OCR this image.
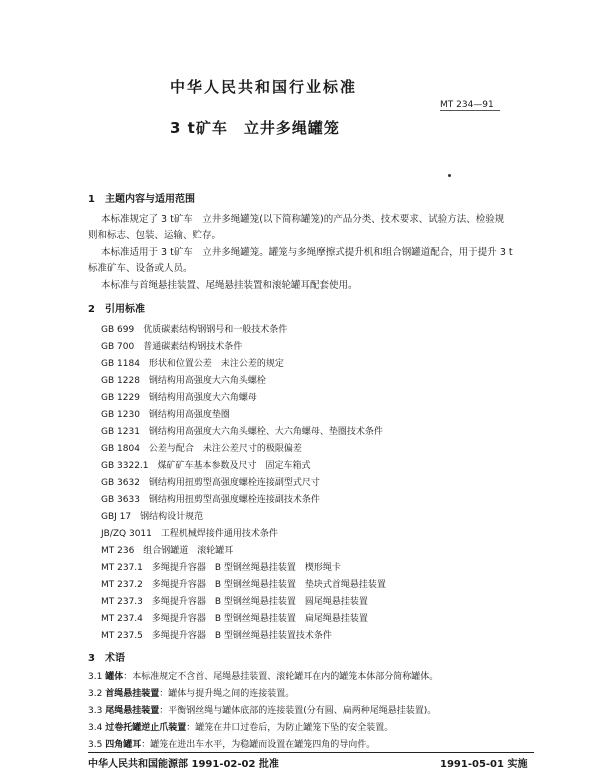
中华人民共和国行业标准
MT 234—91
3 t矿车　立井多绳罐笼
1　主题内容与适用范围
本标准规定了 3 t矿车　立井多绳罐笼(以下简称罐笼)的产品分类、技术要求、试验方法、检验规
则和标志、包装、运输、贮存。
本标准适用于 3 t矿车　立井多绳罐笼。罐笼与多绳摩擦式提升机和组合钢罐道配合，用于提升 3 t
标准矿车、设备或人员。
本标准与首绳悬挂装置、尾绳悬挂装置和滚轮罐耳配套使用。
2　引用标准
GB 699　优质碳素结构钢钢号和一般技术条件
GB 700　普通碳素结构钢技术条件
GB 1184　形状和位置公差　未注公差的规定
GB 1228　钢结构用高强度大六角头螺栓
GB 1229　钢结构用高强度大六角螺母
GB 1230　钢结构用高强度垫圈
GB 1231　钢结构用高强度大六角头螺栓、大六角螺母、垫圈技术条件
GB 1804　公差与配合　未注公差尺寸的极限偏差
GB 3322.1　煤矿矿车基本参数及尺寸　固定车箱式
GB 3632　钢结构用扭剪型高强度螺栓连接副型式尺寸
GB 3633　钢结构用扭剪型高强度螺栓连接副技术条件
GBJ 17　钢结构设计规范
JB/ZQ 3011　工程机械焊接件通用技术条件
MT 236　组合钢罐道　滚轮罐耳
MT 237.1　多绳提升容器　B 型钢丝绳悬挂装置　楔形绳卡
MT 237.2　多绳提升容器　B 型钢丝绳悬挂装置　垫块式首绳悬挂装置
MT 237.3　多绳提升容器　B 型钢丝绳悬挂装置　圆尾绳悬挂装置
MT 237.4　多绳提升容器　B 型钢丝绳悬挂装置　扁尾绳悬挂装置
MT 237.5　多绳提升容器　B 型钢丝绳悬挂装置技术条件
3　术语
3.1 罐体：本标准规定不含首、尾绳悬挂装置、滚轮罐耳在内的罐笼本体部分简称罐体。
3.2 首绳悬挂装置：罐体与提升绳之间的连接装置。
3.3 尾绳悬挂装置：平衡钢丝绳与罐体底部的连接装置(分有圆、扁两种尾绳悬挂装置)。
3.4 过卷托罐逆止爪装置：罐笼在井口过卷后，为防止罐笼下坠的安全装置。
3.5 四角罐耳：罐笼在进出车水平，为稳罐而设置在罐笼四角的导向件。
中华人民共和国能源部 1991-02-02 批准	1991-05-01 实施
